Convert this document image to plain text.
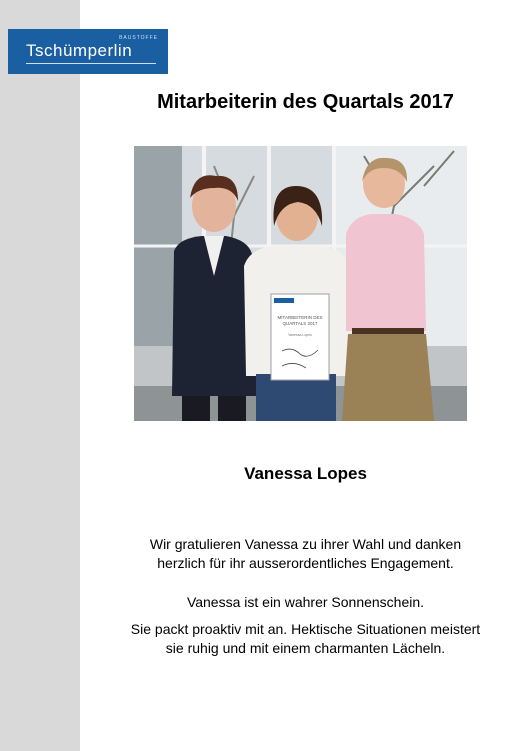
BAUSTOFFE
Tschümperlin
Mitarbeiterin des Quartals 2017
MITARBEITERIN DES
QUARTALS 2017
Vanessa Lopes
Vanessa Lopes
Wir gratulieren Vanessa zu ihrer Wahl und danken
herzlich für ihr ausserordentliches Engagement.
Vanessa ist ein wahrer Sonnenschein.
Sie packt proaktiv mit an. Hektische Situationen meistert
sie ruhig und mit einem charmanten Lächeln.
